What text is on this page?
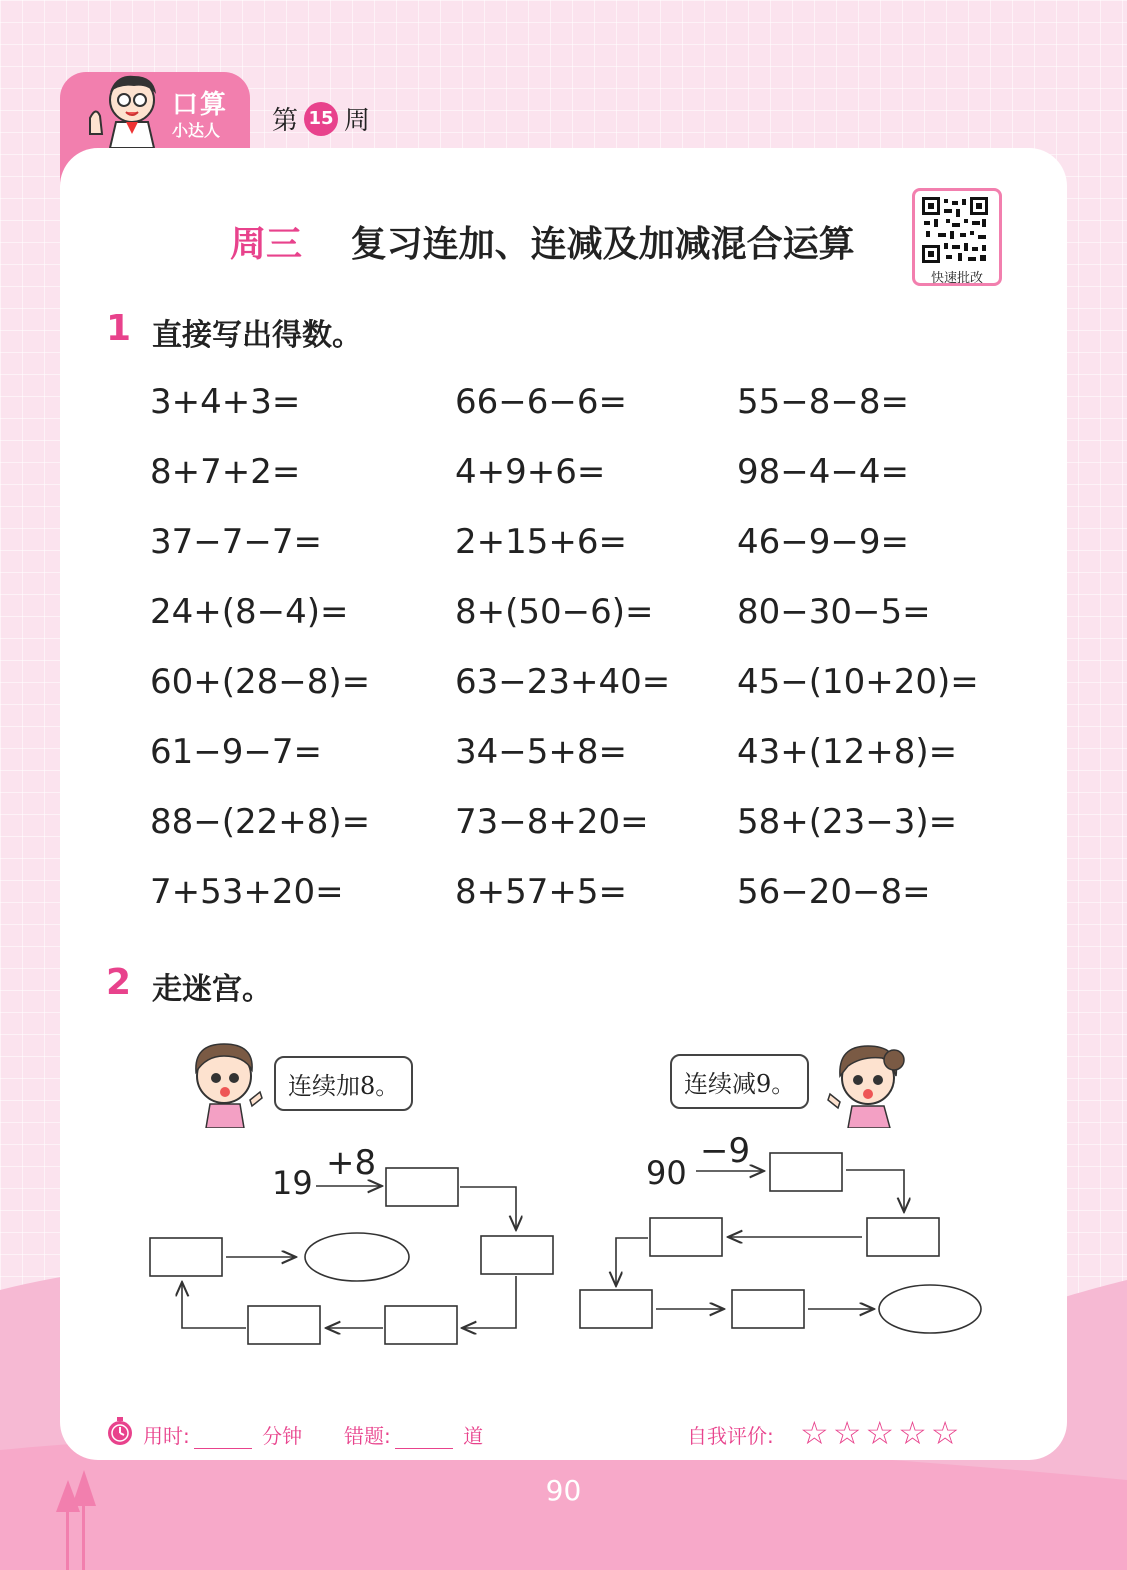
口算
小达人 第 15 周
周三 复习连加、连减及加减混合运算
快速批改
1 直接写出得数。
3+4+3=	66−6−6=	55−8−8=
8+7+2=	4+9+6=	98−4−4=
37−7−7=	2+15+6=	46−9−9=
24+(8−4)=	8+(50−6)= 80−30−5=
60+(28−8)= 63−23+40= 45−(10+20)=
61−9−7=	34−5+8=	43+(12+8)=
88−(22+8)= 73−8+20=	58+(23−3)=
7+53+20=	8+57+5=	56−20−8=
2 走迷宫。
连续加8。	连续减9。
19 +8	90
−9
用时:	分钟 错题:	道	自我评价: ☆☆☆☆☆
90
